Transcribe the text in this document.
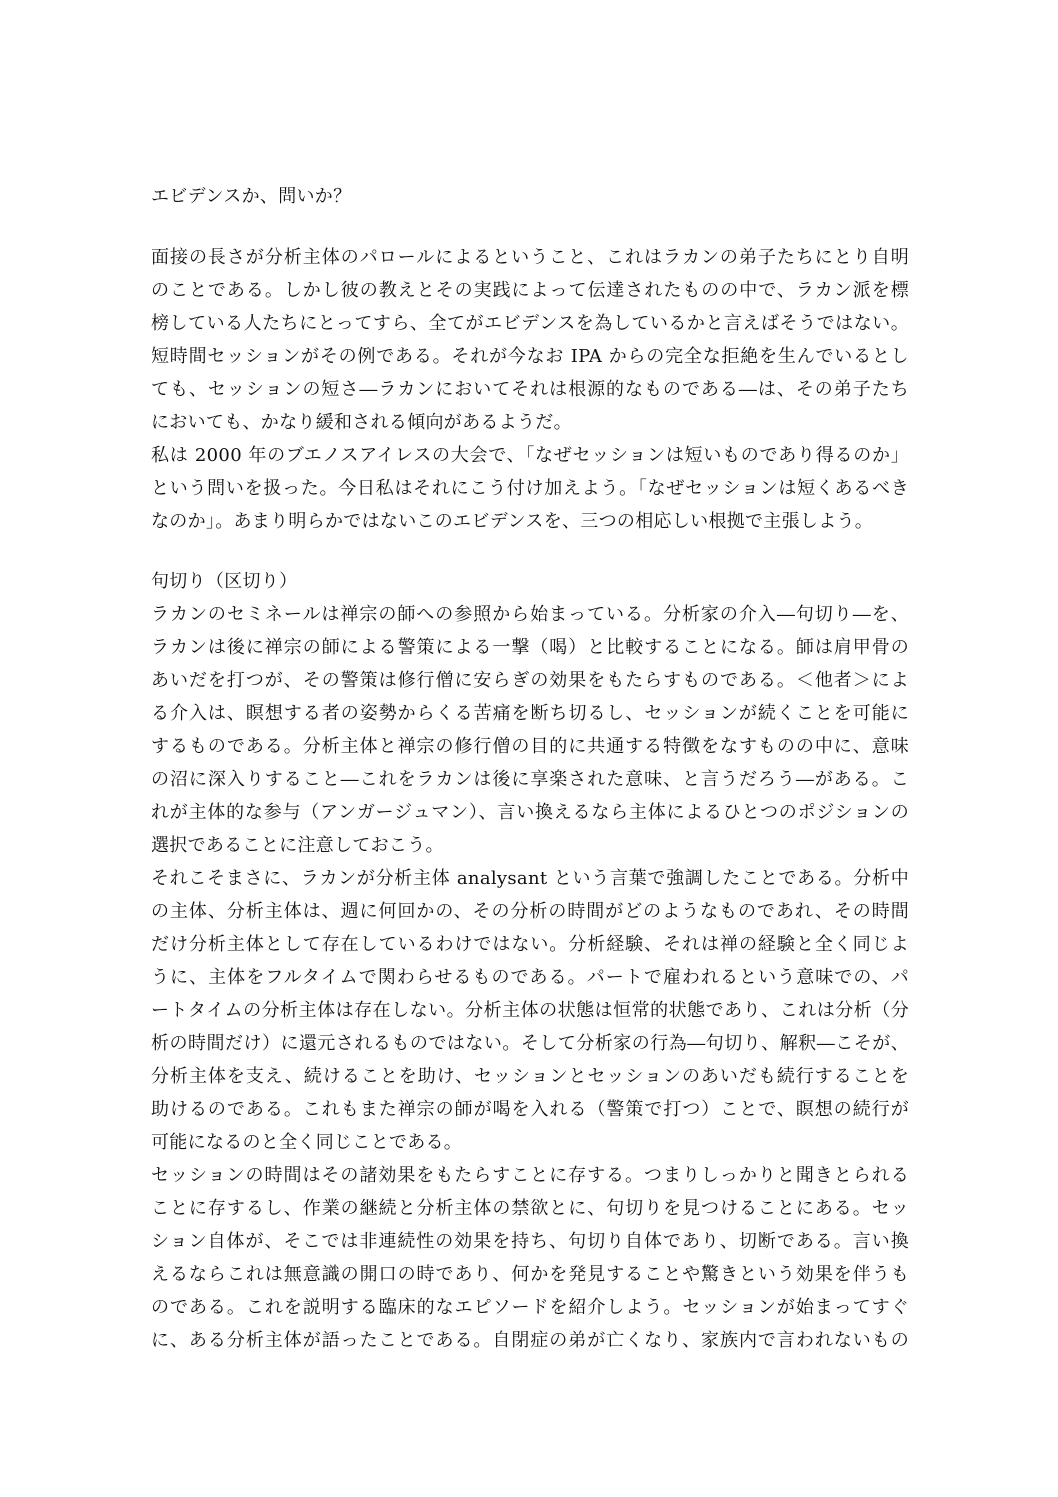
エビデンスか、問いか？
面接の長さが分析主体のパロールによるということ、これはラカンの弟子たちにとり自明
のことである。しかし彼の教えとその実践によって伝達されたものの中で、ラカン派を標
榜している人たちにとってすら、全てがエビデンスを為しているかと言えばそうではない。
短時間セッションがその例である。それが今なお IPA からの完全な拒絶を生んでいるとし
ても、セッションの短さ―ラカンにおいてそれは根源的なものである―は、その弟子たち
においても、かなり緩和される傾向があるようだ。
私は 2000 年のブエノスアイレスの大会で、「なぜセッションは短いものであり得るのか」
という問いを扱った。今日私はそれにこう付け加えよう。「なぜセッションは短くあるべき
なのか」。あまり明らかではないこのエビデンスを、三つの相応しい根拠で主張しよう。
句切り（区切り）
ラカンのセミネールは禅宗の師への参照から始まっている。分析家の介入―句切り―を、
ラカンは後に禅宗の師による警策による一撃（喝）と比較することになる。師は肩甲骨の
あいだを打つが、その警策は修行僧に安らぎの効果をもたらすものである。＜他者＞によ
る介入は、瞑想する者の姿勢からくる苦痛を断ち切るし、セッションが続くことを可能に
するものである。分析主体と禅宗の修行僧の目的に共通する特徴をなすものの中に、意味
の沼に深入りすること―これをラカンは後に享楽された意味、と言うだろう―がある。こ
れが主体的な参与（アンガージュマン）、言い換えるなら主体によるひとつのポジションの
選択であることに注意しておこう。
それこそまさに、ラカンが分析主体 analysant という言葉で強調したことである。分析中
の主体、分析主体は、週に何回かの、その分析の時間がどのようなものであれ、その時間
だけ分析主体として存在しているわけではない。分析経験、それは禅の経験と全く同じよ
うに、主体をフルタイムで関わらせるものである。パートで雇われるという意味での、パ
ートタイムの分析主体は存在しない。分析主体の状態は恒常的状態であり、これは分析（分
析の時間だけ）に還元されるものではない。そして分析家の行為―句切り、解釈―こそが、
分析主体を支え、続けることを助け、セッションとセッションのあいだも続行することを
助けるのである。これもまた禅宗の師が喝を入れる（警策で打つ）ことで、瞑想の続行が
可能になるのと全く同じことである。
セッションの時間はその諸効果をもたらすことに存する。つまりしっかりと聞きとられる
ことに存するし、作業の継続と分析主体の禁欲とに、句切りを見つけることにある。セッ
ション自体が、そこでは非連続性の効果を持ち、句切り自体であり、切断である。言い換
えるならこれは無意識の開口の時であり、何かを発見することや驚きという効果を伴うも
のである。これを説明する臨床的なエピソードを紹介しよう。セッションが始まってすぐ
に、ある分析主体が語ったことである。自閉症の弟が亡くなり、家族内で言われないもの
